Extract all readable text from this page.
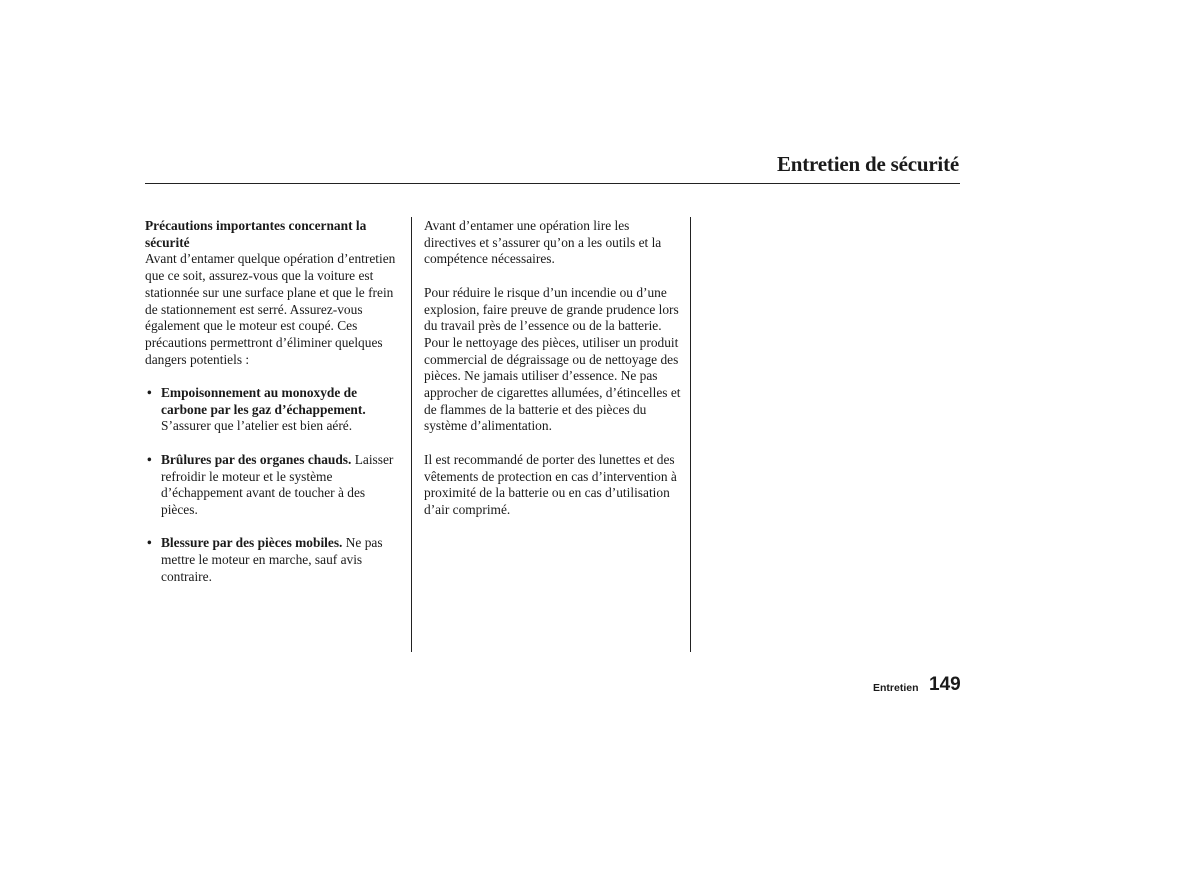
Entretien de sécurité

Précautions importantes concernant la sécurité

Avant d’entamer quelque opération d’entretien que ce soit, assurez-vous que la voiture est stationnée sur une surface plane et que le frein de stationnement est serré. Assurez-vous également que le moteur est coupé. Ces précautions permettront d’éliminer quelques dangers potentiels :

• Empoisonnement au monoxyde de carbone par les gaz d’échappement. S’assurer que l’atelier est bien aéré.
• Brûlures par des organes chauds. Laisser refroidir le moteur et le système d’échappement avant de toucher à des pièces.
• Blessure par des pièces mobiles. Ne pas mettre le moteur en marche, sauf avis contraire.

Avant d’entamer une opération lire les directives et s’assurer qu’on a les outils et la compétence nécessaires.

Pour réduire le risque d’un incendie ou d’une explosion, faire preuve de grande prudence lors du travail près de l’essence ou de la batterie. Pour le nettoyage des pièces, utiliser un produit commercial de dégraissage ou de nettoyage des pièces. Ne jamais utiliser d’essence. Ne pas approcher de cigarettes allumées, d’étincelles et de flammes de la batterie et des pièces du système d’alimentation.

Il est recommandé de porter des lunettes et des vêtements de protection en cas d’intervention à proximité de la batterie ou en cas d’utilisation d’air comprimé.

Entretien 149
